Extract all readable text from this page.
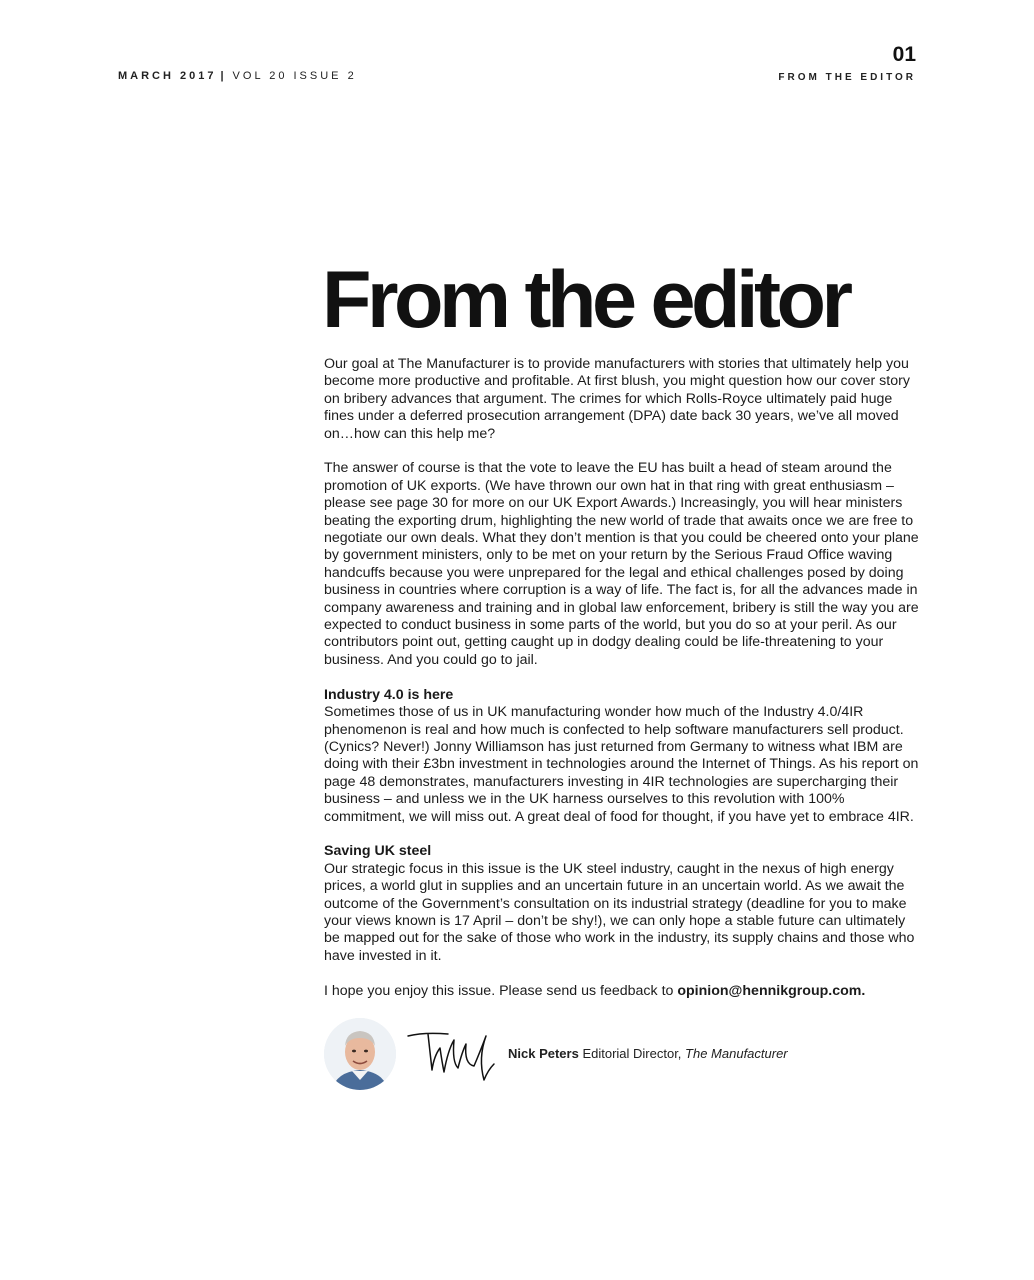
MARCH 2017 | VOL 20 ISSUE 2
01
FROM THE EDITOR
From the editor

Our goal at The Manufacturer is to provide manufacturers with stories that ultimately help you become more productive and profitable. At first blush, you might question how our cover story on bribery advances that argument. The crimes for which Rolls-Royce ultimately paid huge fines under a deferred prosecution arrangement (DPA) date back 30 years, we’ve all moved on…how can this help me?

The answer of course is that the vote to leave the EU has built a head of steam around the promotion of UK exports. (We have thrown our own hat in that ring with great enthusiasm – please see page 30 for more on our UK Export Awards.) Increasingly, you will hear ministers beating the exporting drum, highlighting the new world of trade that awaits once we are free to negotiate our own deals. What they don’t mention is that you could be cheered onto your plane by government ministers, only to be met on your return by the Serious Fraud Office waving handcuffs because you were unprepared for the legal and ethical challenges posed by doing business in countries where corruption is a way of life. The fact is, for all the advances made in company awareness and training and in global law enforcement, bribery is still the way you are expected to conduct business in some parts of the world, but you do so at your peril. As our contributors point out, getting caught up in dodgy dealing could be life-threatening to your business. And you could go to jail.

Industry 4.0 is here

Sometimes those of us in UK manufacturing wonder how much of the Industry 4.0/4IR phenomenon is real and how much is confected to help software manufacturers sell product. (Cynics? Never!) Jonny Williamson has just returned from Germany to witness what IBM are doing with their £3bn investment in technologies around the Internet of Things. As his report on page 48 demonstrates, manufacturers investing in 4IR technologies are supercharging their business – and unless we in the UK harness ourselves to this revolution with 100% commitment, we will miss out. A great deal of food for thought, if you have yet to embrace 4IR.

Saving UK steel

Our strategic focus in this issue is the UK steel industry, caught in the nexus of high energy prices, a world glut in supplies and an uncertain future in an uncertain world. As we await the outcome of the Government’s consultation on its industrial strategy (deadline for you to make your views known is 17 April – don’t be shy!), we can only hope a stable future can ultimately be mapped out for the sake of those who work in the industry, its supply chains and those who have invested in it.

I hope you enjoy this issue. Please send us feedback to opinion@hennikgroup.com.

Nick Peters Editorial Director, The Manufacturer
